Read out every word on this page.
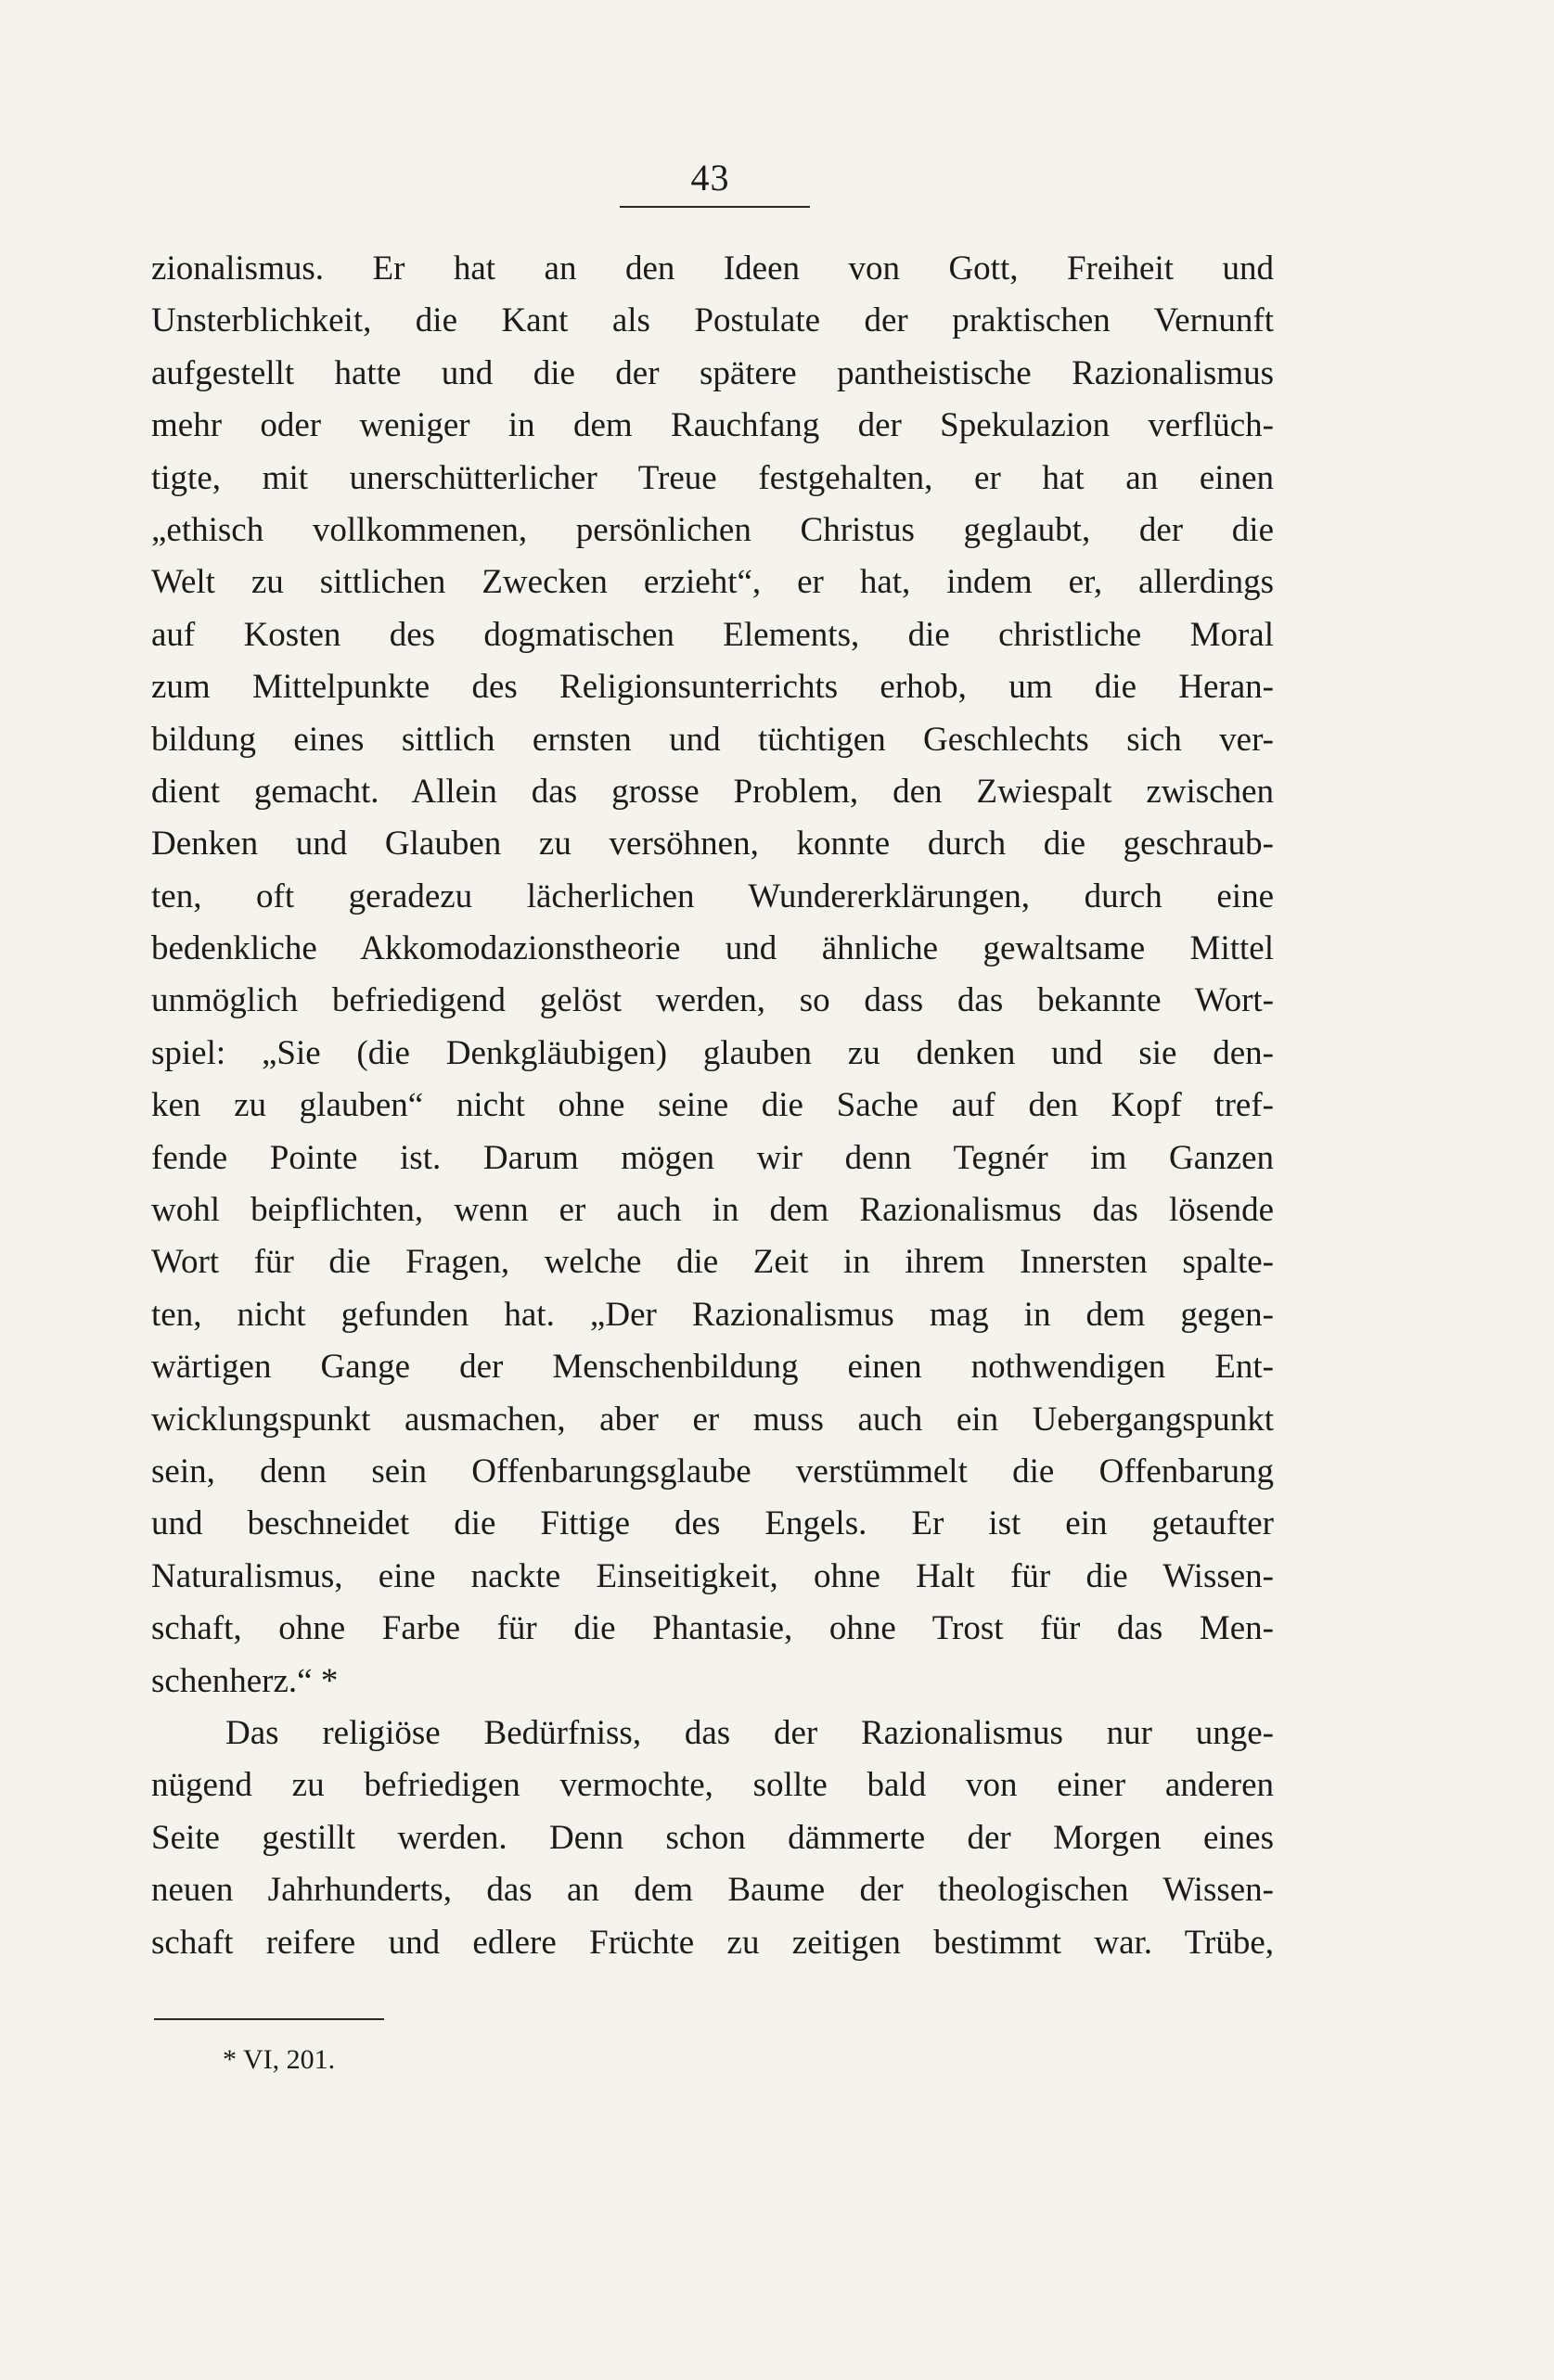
43
zionalismus. Er hat an den Ideen von Gott, Freiheit und
Unsterblichkeit, die Kant als Postulate der praktischen Vernunft
aufgestellt hatte und die der spätere pantheistische Razionalismus
mehr oder weniger in dem Rauchfang der Spekulazion verflüch-
tigte, mit unerschütterlicher Treue festgehalten, er hat an einen
„ethisch vollkommenen, persönlichen Christus geglaubt, der die
Welt zu sittlichen Zwecken erzieht“, er hat, indem er, allerdings
auf Kosten des dogmatischen Elements, die christliche Moral
zum Mittelpunkte des Religionsunterrichts erhob, um die Heran-
bildung eines sittlich ernsten und tüchtigen Geschlechts sich ver-
dient gemacht. Allein das grosse Problem, den Zwiespalt zwischen
Denken und Glauben zu versöhnen, konnte durch die geschraub-
ten, oft geradezu lächerlichen Wundererklärungen, durch eine
bedenkliche Akkomodazionstheorie und ähnliche gewaltsame Mittel
unmöglich befriedigend gelöst werden, so dass das bekannte Wort-
spiel: „Sie (die Denkgläubigen) glauben zu denken und sie den-
ken zu glauben“ nicht ohne seine die Sache auf den Kopf tref-
fende Pointe ist. Darum mögen wir denn Tegnér im Ganzen
wohl beipflichten, wenn er auch in dem Razionalismus das lösende
Wort für die Fragen, welche die Zeit in ihrem Innersten spalte-
ten, nicht gefunden hat. „Der Razionalismus mag in dem gegen-
wärtigen Gange der Menschenbildung einen nothwendigen Ent-
wicklungspunkt ausmachen, aber er muss auch ein Uebergangspunkt
sein, denn sein Offenbarungsglaube verstümmelt die Offenbarung
und beschneidet die Fittige des Engels. Er ist ein getaufter
Naturalismus, eine nackte Einseitigkeit, ohne Halt für die Wissen-
schaft, ohne Farbe für die Phantasie, ohne Trost für das Men-
schenherz.“ *
Das religiöse Bedürfniss, das der Razionalismus nur unge-
nügend zu befriedigen vermochte, sollte bald von einer anderen
Seite gestillt werden. Denn schon dämmerte der Morgen eines
neuen Jahrhunderts, das an dem Baume der theologischen Wissen-
schaft reifere und edlere Früchte zu zeitigen bestimmt war. Trübe,
* VI, 201.
